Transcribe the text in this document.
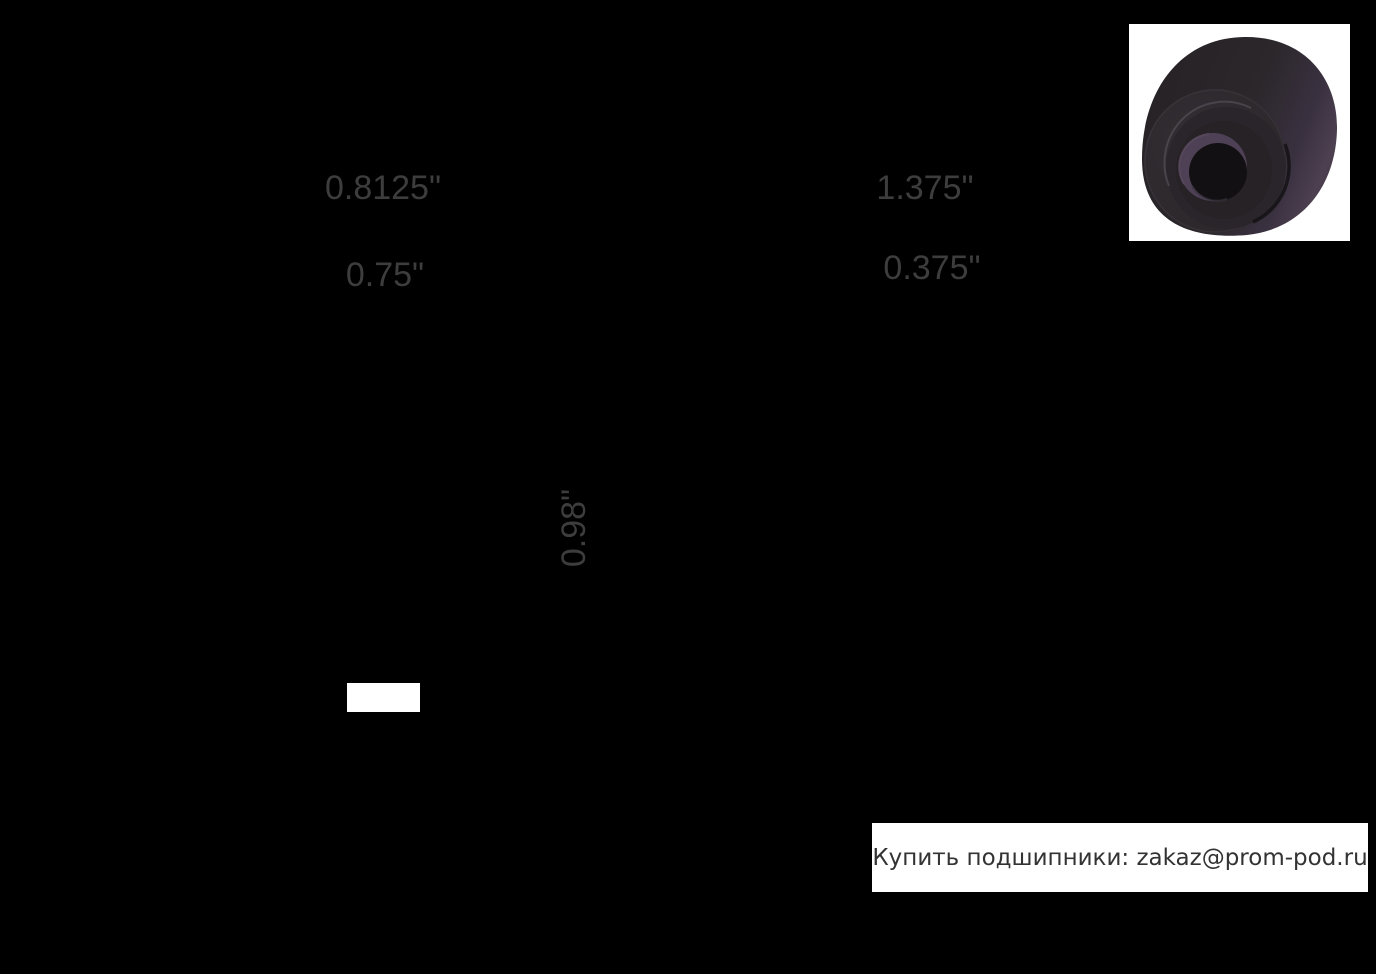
0.8125"
0.75"
1.375"
0.375"
0.98"
Купить подшипники: zakaz@prom-pod.ru
